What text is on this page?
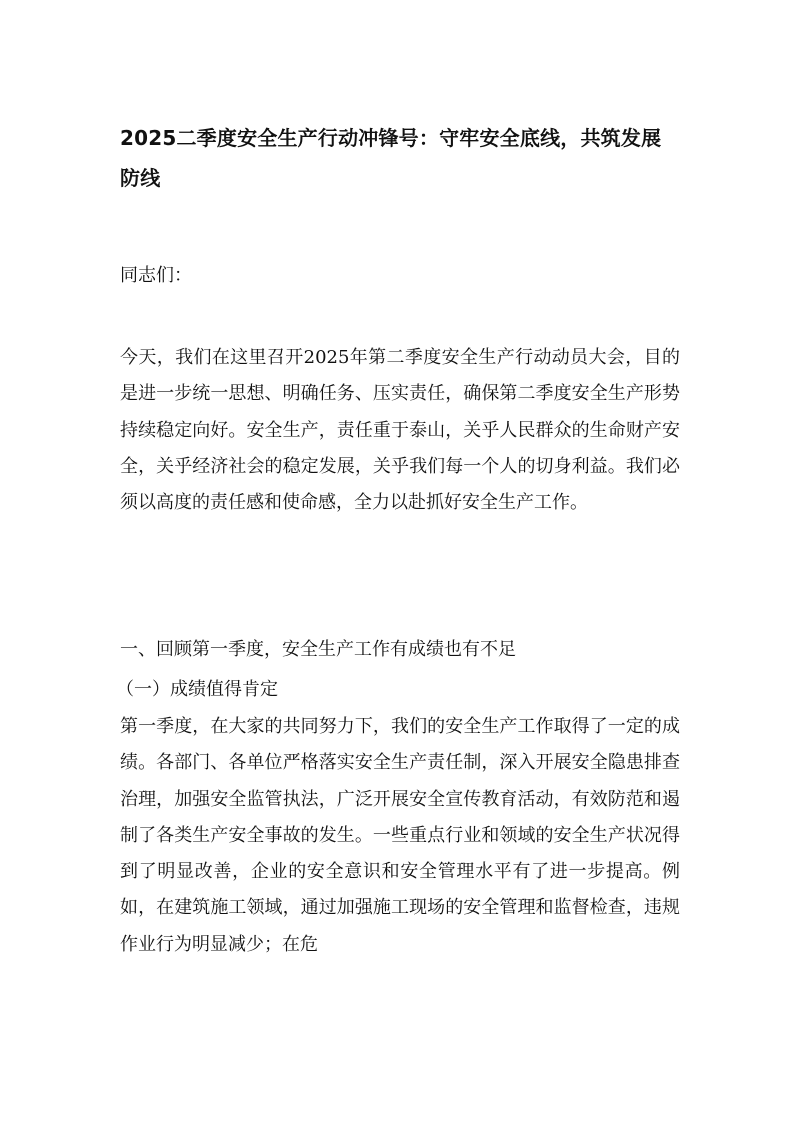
2025二季度安全生产行动冲锋号：守牢安全底线，共筑发展防线
同志们：
今天，我们在这里召开2025年第二季度安全生产行动动员大会，目的是进一步统一思想、明确任务、压实责任，确保第二季度安全生产形势持续稳定向好。安全生产，责任重于泰山，关乎人民群众的生命财产安全，关乎经济社会的稳定发展，关乎我们每一个人的切身利益。我们必须以高度的责任感和使命感，全力以赴抓好安全生产工作。
一、回顾第一季度，安全生产工作有成绩也有不足
（一）成绩值得肯定
第一季度，在大家的共同努力下，我们的安全生产工作取得了一定的成绩。各部门、各单位严格落实安全生产责任制，深入开展安全隐患排查治理，加强安全监管执法，广泛开展安全宣传教育活动，有效防范和遏制了各类生产安全事故的发生。一些重点行业和领域的安全生产状况得到了明显改善，企业的安全意识和安全管理水平有了进一步提高。例如，在建筑施工领域，通过加强施工现场的安全管理和监督检查，违规作业行为明显减少；在危
